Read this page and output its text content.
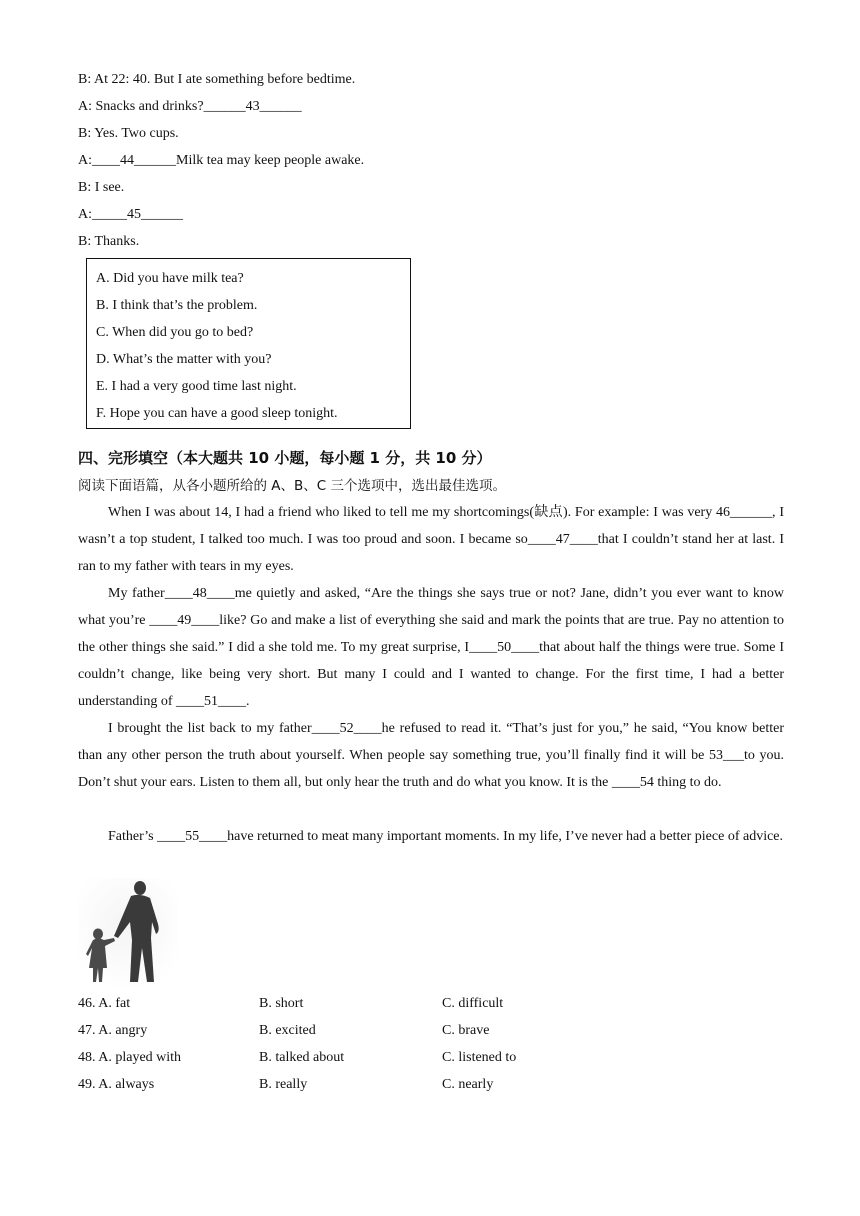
B: At 22: 40. But I ate something before bedtime.
A: Snacks and drinks?______43______
B: Yes. Two cups.
A:____44______Milk tea may keep people awake.
B: I see.
A:_____45______
B: Thanks.
A. Did you have milk tea?
B. I think that’s the problem.
C. When did you go to bed?
D. What’s the matter with you?
E. I had a very good time last night.
F. Hope you can have a good sleep tonight.
四、完形填空（本大题共 10 小题，每小题 1 分，共 10 分）
阅读下面语篇，从各小题所给的 A、B、C 三个选项中，选出最佳选项。
When I was about 14, I had a friend who liked to tell me my shortcomings(缺点). For example: I was very 46______, I wasn’t a top student, I talked too much. I was too proud and soon. I became so____47____that I couldn’t stand her at last. I ran to my father with tears in my eyes.
My father____48____me quietly and asked, “Are the things she says true or not? Jane, didn’t you ever want to know what you’re ____49____like? Go and make a list of everything she said and mark the points that are true. Pay no attention to the other things she said.” I did a she told me. To my great surprise, I____50____that about half the things were true. Some I couldn’t change, like being very short. But many I could and I wanted to change. For the first time, I had a better understanding of ____51____.
I brought the list back to my father____52____he refused to read it. “That’s just for you,” he said, “You know better than any other person the truth about yourself. When people say something true, you’ll finally find it will be 53___to you. Don’t shut your ears. Listen to them all, but only hear the truth and do what you know. It is the ____54 thing to do.
Father’s ____55____have returned to meat many important moments. In my life, I’ve never had a better piece of advice.
46. A. fat	B. short	C. difficult
47. A. angry	B. excited	C. brave
48. A. played with	B. talked about	C. listened to
49. A. always	B. really	C. nearly
